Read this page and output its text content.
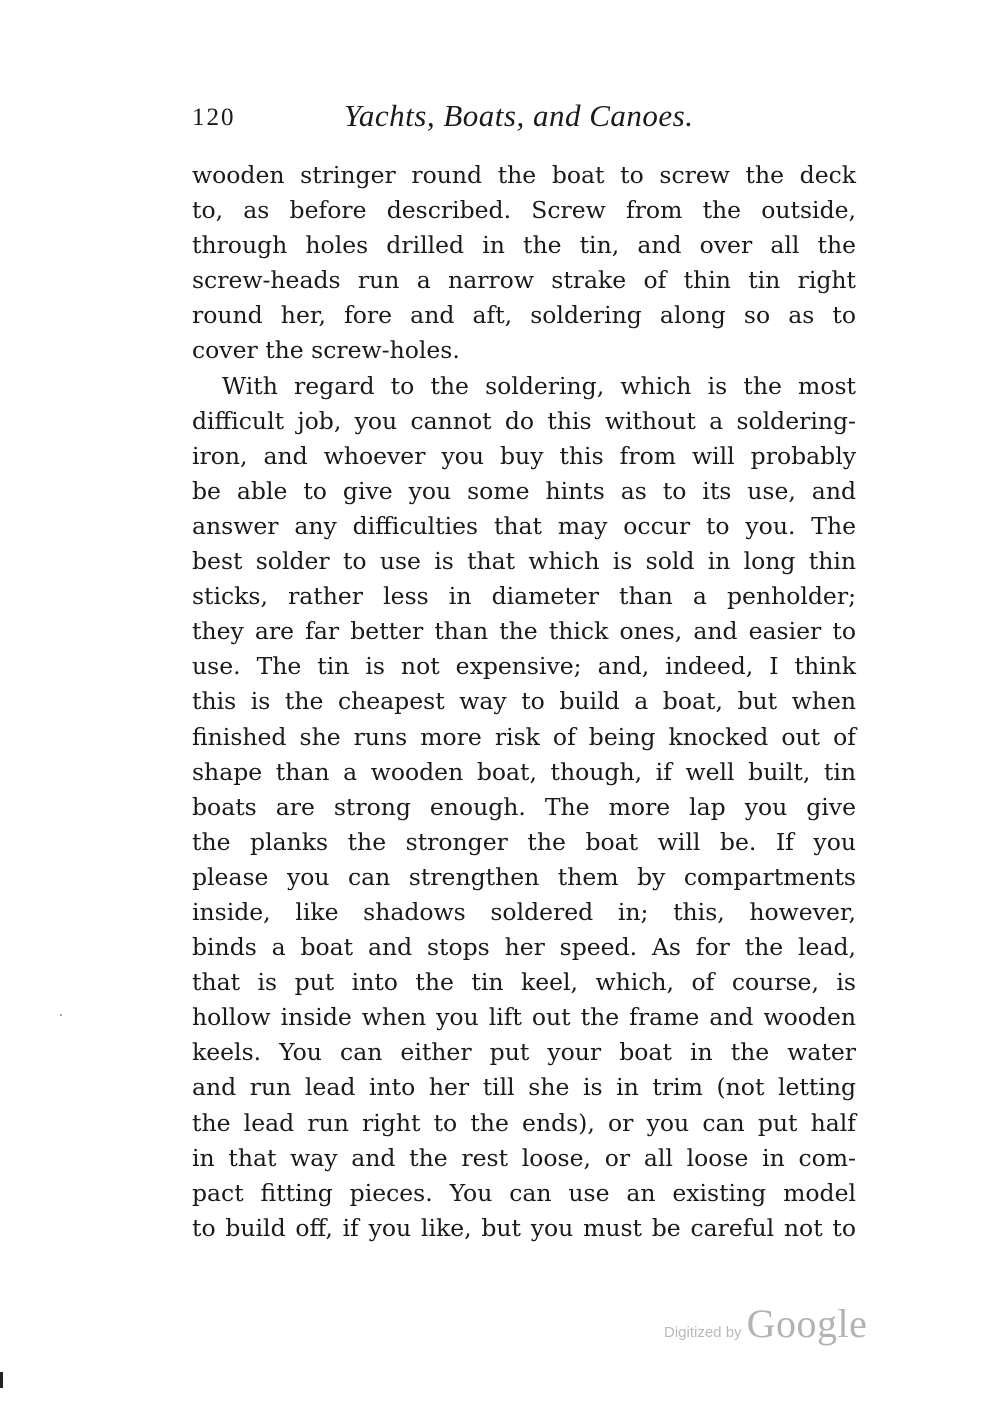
120	Yachts, Boats, and Canoes.
wooden stringer round the boat to screw the deck
to, as before described. Screw from the outside,
through holes drilled in the tin, and over all the
screw-heads run a narrow strake of thin tin right
round her, fore and aft, soldering along so as to
cover the screw-holes.
With regard to the soldering, which is the most
difficult job, you cannot do this without a soldering-
iron, and whoever you buy this from will probably
be able to give you some hints as to its use, and
answer any difficulties that may occur to you. The
best solder to use is that which is sold in long thin
sticks, rather less in diameter than a penholder;
they are far better than the thick ones, and easier to
use. The tin is not expensive; and, indeed, I think
this is the cheapest way to build a boat, but when
finished she runs more risk of being knocked out of
shape than a wooden boat, though, if well built, tin
boats are strong enough. The more lap you give
the planks the stronger the boat will be. If you
please you can strengthen them by compartments
inside, like shadows soldered in; this, however,
binds a boat and stops her speed. As for the lead,
that is put into the tin keel, which, of course, is
hollow inside when you lift out the frame and wooden
keels. You can either put your boat in the water
and run lead into her till she is in trim (not letting
the lead run right to the ends), or you can put half
in that way and the rest loose, or all loose in com-
pact fitting pieces. You can use an existing model
to build off, if you like, but you must be careful not to
Digitized by Google
